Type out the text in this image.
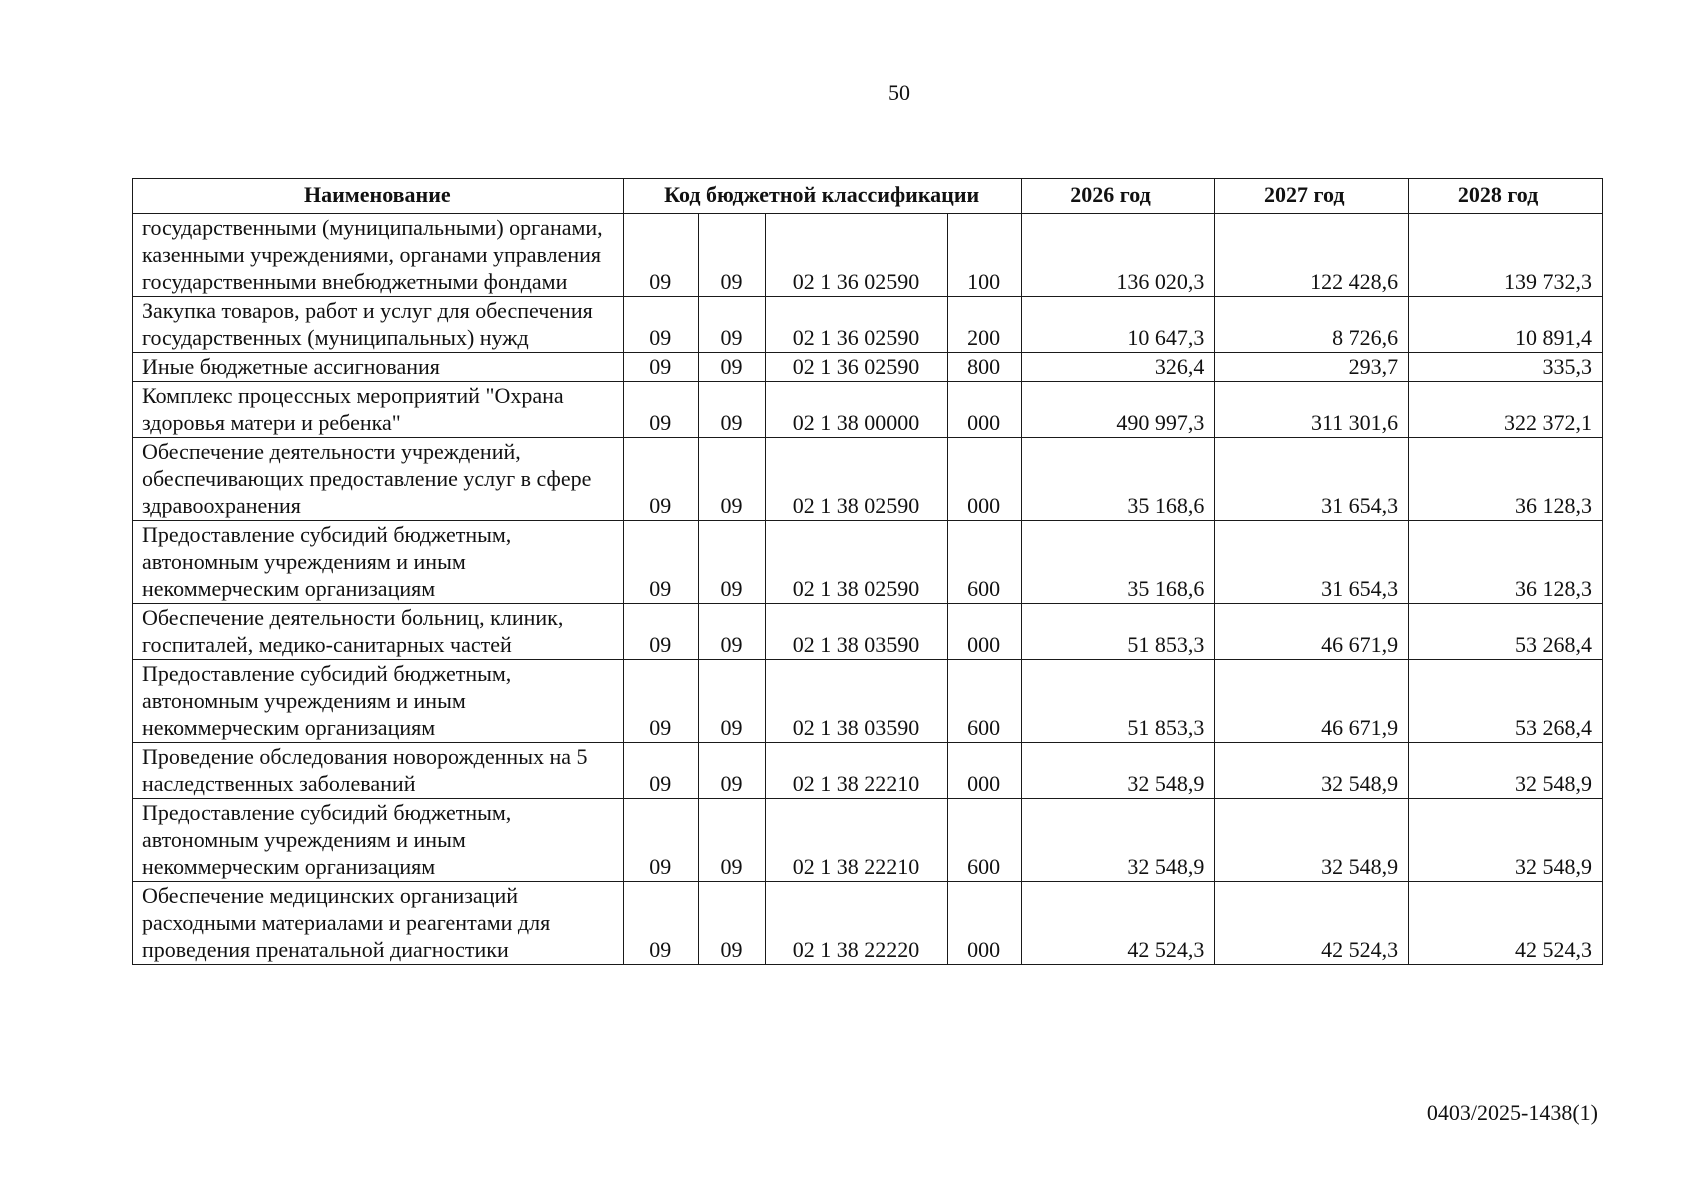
50
Наименование	Код бюджетной классификации				2026 год	2027 год	2028 год
государственными (муниципальными) органами, казенными учреждениями, органами управления государственными внебюджетными фондами	09	09	02 1 36 02590	100	136 020,3	122 428,6	139 732,3
Закупка товаров, работ и услуг для обеспечения государственных (муниципальных) нужд	09	09	02 1 36 02590	200	10 647,3	8 726,6	10 891,4
Иные бюджетные ассигнования	09	09	02 1 36 02590	800	326,4	293,7	335,3
Комплекс процессных мероприятий "Охрана здоровья матери и ребенка"	09	09	02 1 38 00000	000	490 997,3	311 301,6	322 372,1
Обеспечение деятельности учреждений, обеспечивающих предоставление услуг в сфере здравоохранения	09	09	02 1 38 02590	000	35 168,6	31 654,3	36 128,3
Предоставление субсидий бюджетным, автономным учреждениям и иным некоммерческим организациям	09	09	02 1 38 02590	600	35 168,6	31 654,3	36 128,3
Обеспечение деятельности больниц, клиник, госпиталей, медико-санитарных частей	09	09	02 1 38 03590	000	51 853,3	46 671,9	53 268,4
Предоставление субсидий бюджетным, автономным учреждениям и иным некоммерческим организациям	09	09	02 1 38 03590	600	51 853,3	46 671,9	53 268,4
Проведение обследования новорожденных на 5 наследственных заболеваний	09	09	02 1 38 22210	000	32 548,9	32 548,9	32 548,9
Предоставление субсидий бюджетным, автономным учреждениям и иным некоммерческим организациям	09	09	02 1 38 22210	600	32 548,9	32 548,9	32 548,9
Обеспечение медицинских организаций расходными материалами и реагентами для проведения пренатальной диагностики	09	09	02 1 38 22220	000	42 524,3	42 524,3	42 524,3
0403/2025-1438(1)
